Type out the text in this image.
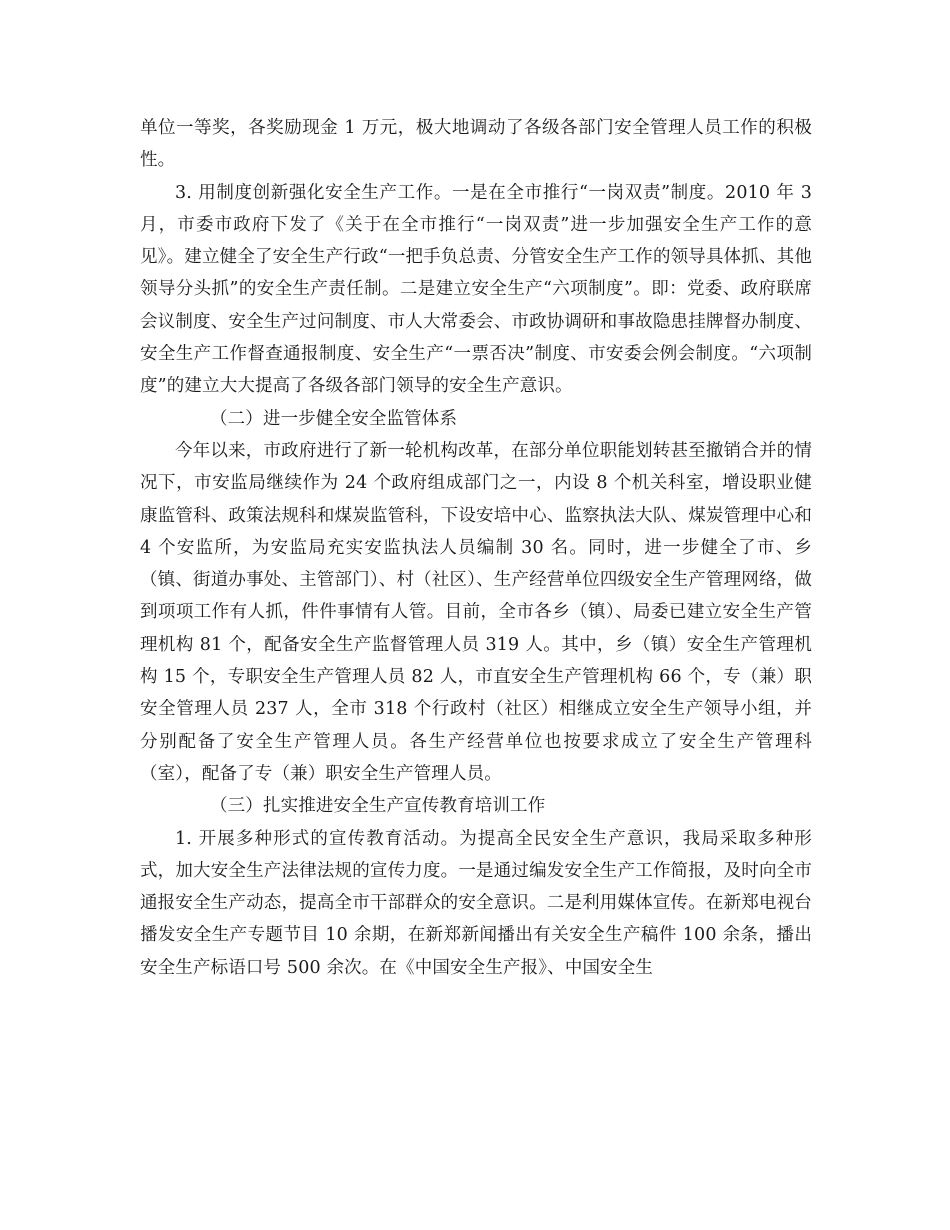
单位一等奖，各奖励现金 1 万元，极大地调动了各级各部门安全管理人员工作的积极性。

3. 用制度创新强化安全生产工作。一是在全市推行“一岗双责”制度。2010 年 3 月，市委市政府下发了《关于在全市推行“一岗双责”进一步加强安全生产工作的意见》。建立健全了安全生产行政“一把手负总责、分管安全生产工作的领导具体抓、其他领导分头抓”的安全生产责任制。二是建立安全生产“六项制度”。即：党委、政府联席会议制度、安全生产过问制度、市人大常委会、市政协调研和事故隐患挂牌督办制度、安全生产工作督查通报制度、安全生产“一票否决”制度、市安委会例会制度。“六项制度”的建立大大提高了各级各部门领导的安全生产意识。

（二）进一步健全安全监管体系

今年以来，市政府进行了新一轮机构改革，在部分单位职能划转甚至撤销合并的情况下，市安监局继续作为 24 个政府组成部门之一，内设 8 个机关科室，增设职业健康监管科、政策法规科和煤炭监管科，下设安培中心、监察执法大队、煤炭管理中心和 4 个安监所，为安监局充实安监执法人员编制 30 名。同时，进一步健全了市、乡（镇、街道办事处、主管部门）、村（社区）、生产经营单位四级安全生产管理网络，做到项项工作有人抓，件件事情有人管。目前，全市各乡（镇）、局委已建立安全生产管理机构 81 个，配备安全生产监督管理人员 319 人。其中，乡（镇）安全生产管理机构 15 个，专职安全生产管理人员 82 人，市直安全生产管理机构 66 个，专（兼）职安全管理人员 237 人，全市 318 个行政村（社区）相继成立安全生产领导小组，并分别配备了安全生产管理人员。各生产经营单位也按要求成立了安全生产管理科（室），配备了专（兼）职安全生产管理人员。

（三）扎实推进安全生产宣传教育培训工作

1. 开展多种形式的宣传教育活动。为提高全民安全生产意识，我局采取多种形式，加大安全生产法律法规的宣传力度。一是通过编发安全生产工作简报，及时向全市通报安全生产动态，提高全市干部群众的安全意识。二是利用媒体宣传。在新郑电视台播发安全生产专题节目 10 余期，在新郑新闻播出有关安全生产稿件 100 余条，播出安全生产标语口号 500 余次。在《中国安全生产报》、中国安全生
